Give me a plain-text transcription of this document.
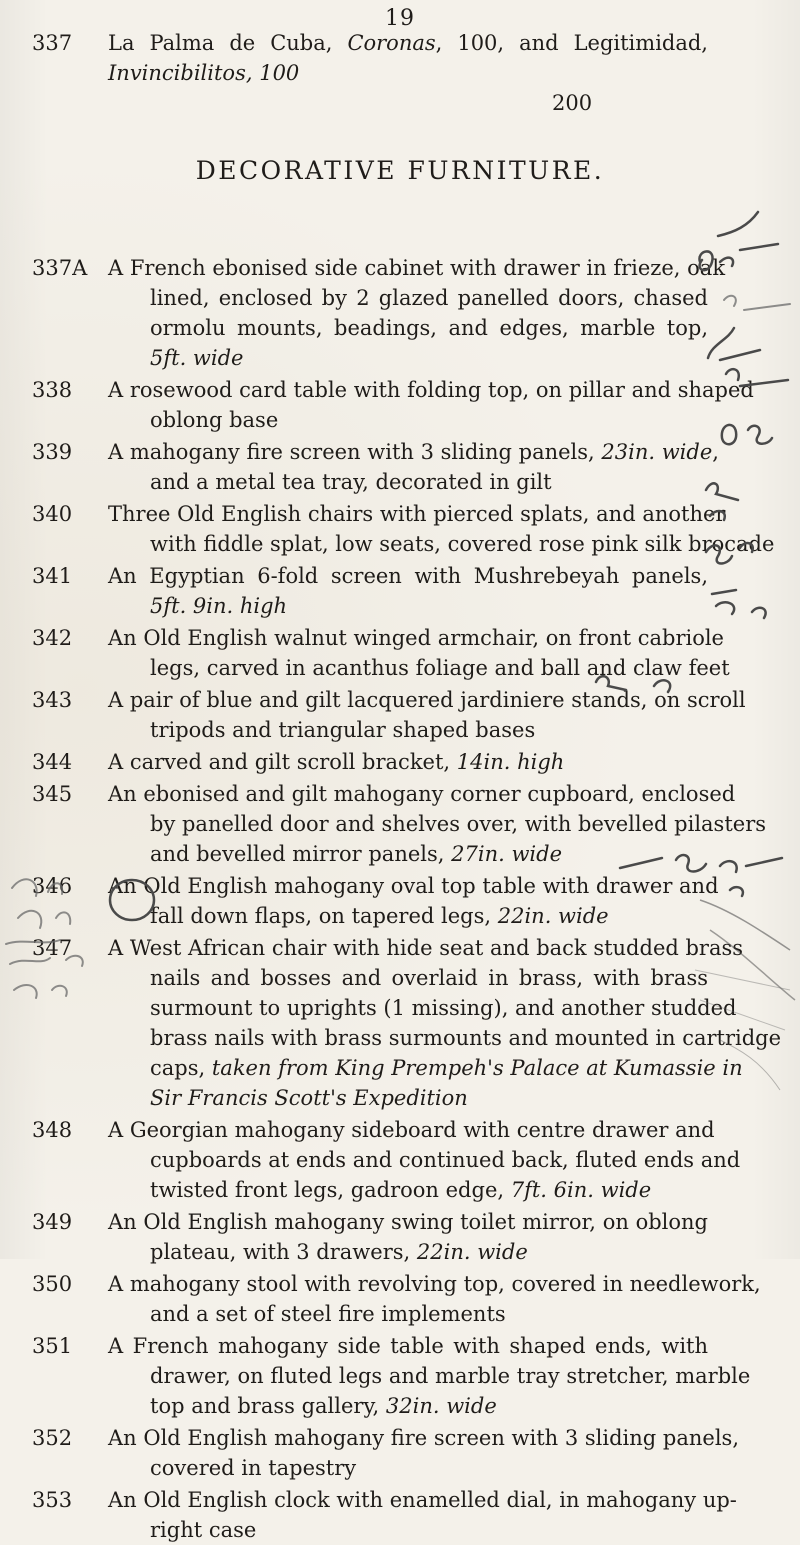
19
337	La Palma de Cuba, Coronas, 100, and Legitimidad,
Invincibilitos, 100
200
DECORATIVE FURNITURE.
337A A French ebonised side cabinet with drawer in frieze, oak
lined, enclosed by 2 glazed panelled doors, chased
ormolu mounts, beadings, and edges, marble top,
5ft. wide
338	A rosewood card table with folding top, on pillar and shaped
oblong base
339	A mahogany fire screen with 3 sliding panels, 23in. wide,
and a metal tea tray, decorated in gilt
340	Three Old English chairs with pierced splats, and another
with fiddle splat, low seats, covered rose pink silk brocade
341	An Egyptian 6-fold screen with Mushrebeyah panels,
5ft. 9in. high
342	An Old English walnut winged armchair, on front cabriole
legs, carved in acanthus foliage and ball and claw feet
343	A pair of blue and gilt lacquered jardiniere stands, on scroll
tripods and triangular shaped bases
344	A carved and gilt scroll bracket, 14in. high
345	An ebonised and gilt mahogany corner cupboard, enclosed
by panelled door and shelves over, with bevelled pilasters
and bevelled mirror panels, 27in. wide
346	An Old English mahogany oval top table with drawer and
fall down flaps, on tapered legs, 22in. wide
347	A West African chair with hide seat and back studded brass
nails and bosses and overlaid in brass, with brass
surmount to uprights (1 missing), and another studded
brass nails with brass surmounts and mounted in cartridge
caps, taken from King Prempeh's Palace at Kumassie in
Sir Francis Scott's Expedition
348	A Georgian mahogany sideboard with centre drawer and
cupboards at ends and continued back, fluted ends and
twisted front legs, gadroon edge, 7ft. 6in. wide
349	An Old English mahogany swing toilet mirror, on oblong
plateau, with 3 drawers, 22in. wide
350	A mahogany stool with revolving top, covered in needlework,
and a set of steel fire implements
351	A French mahogany side table with shaped ends, with
drawer, on fluted legs and marble tray stretcher, marble
top and brass gallery, 32in. wide
352	An Old English mahogany fire screen with 3 sliding panels,
covered in tapestry
353	An Old English clock with enamelled dial, in mahogany up-
right case
